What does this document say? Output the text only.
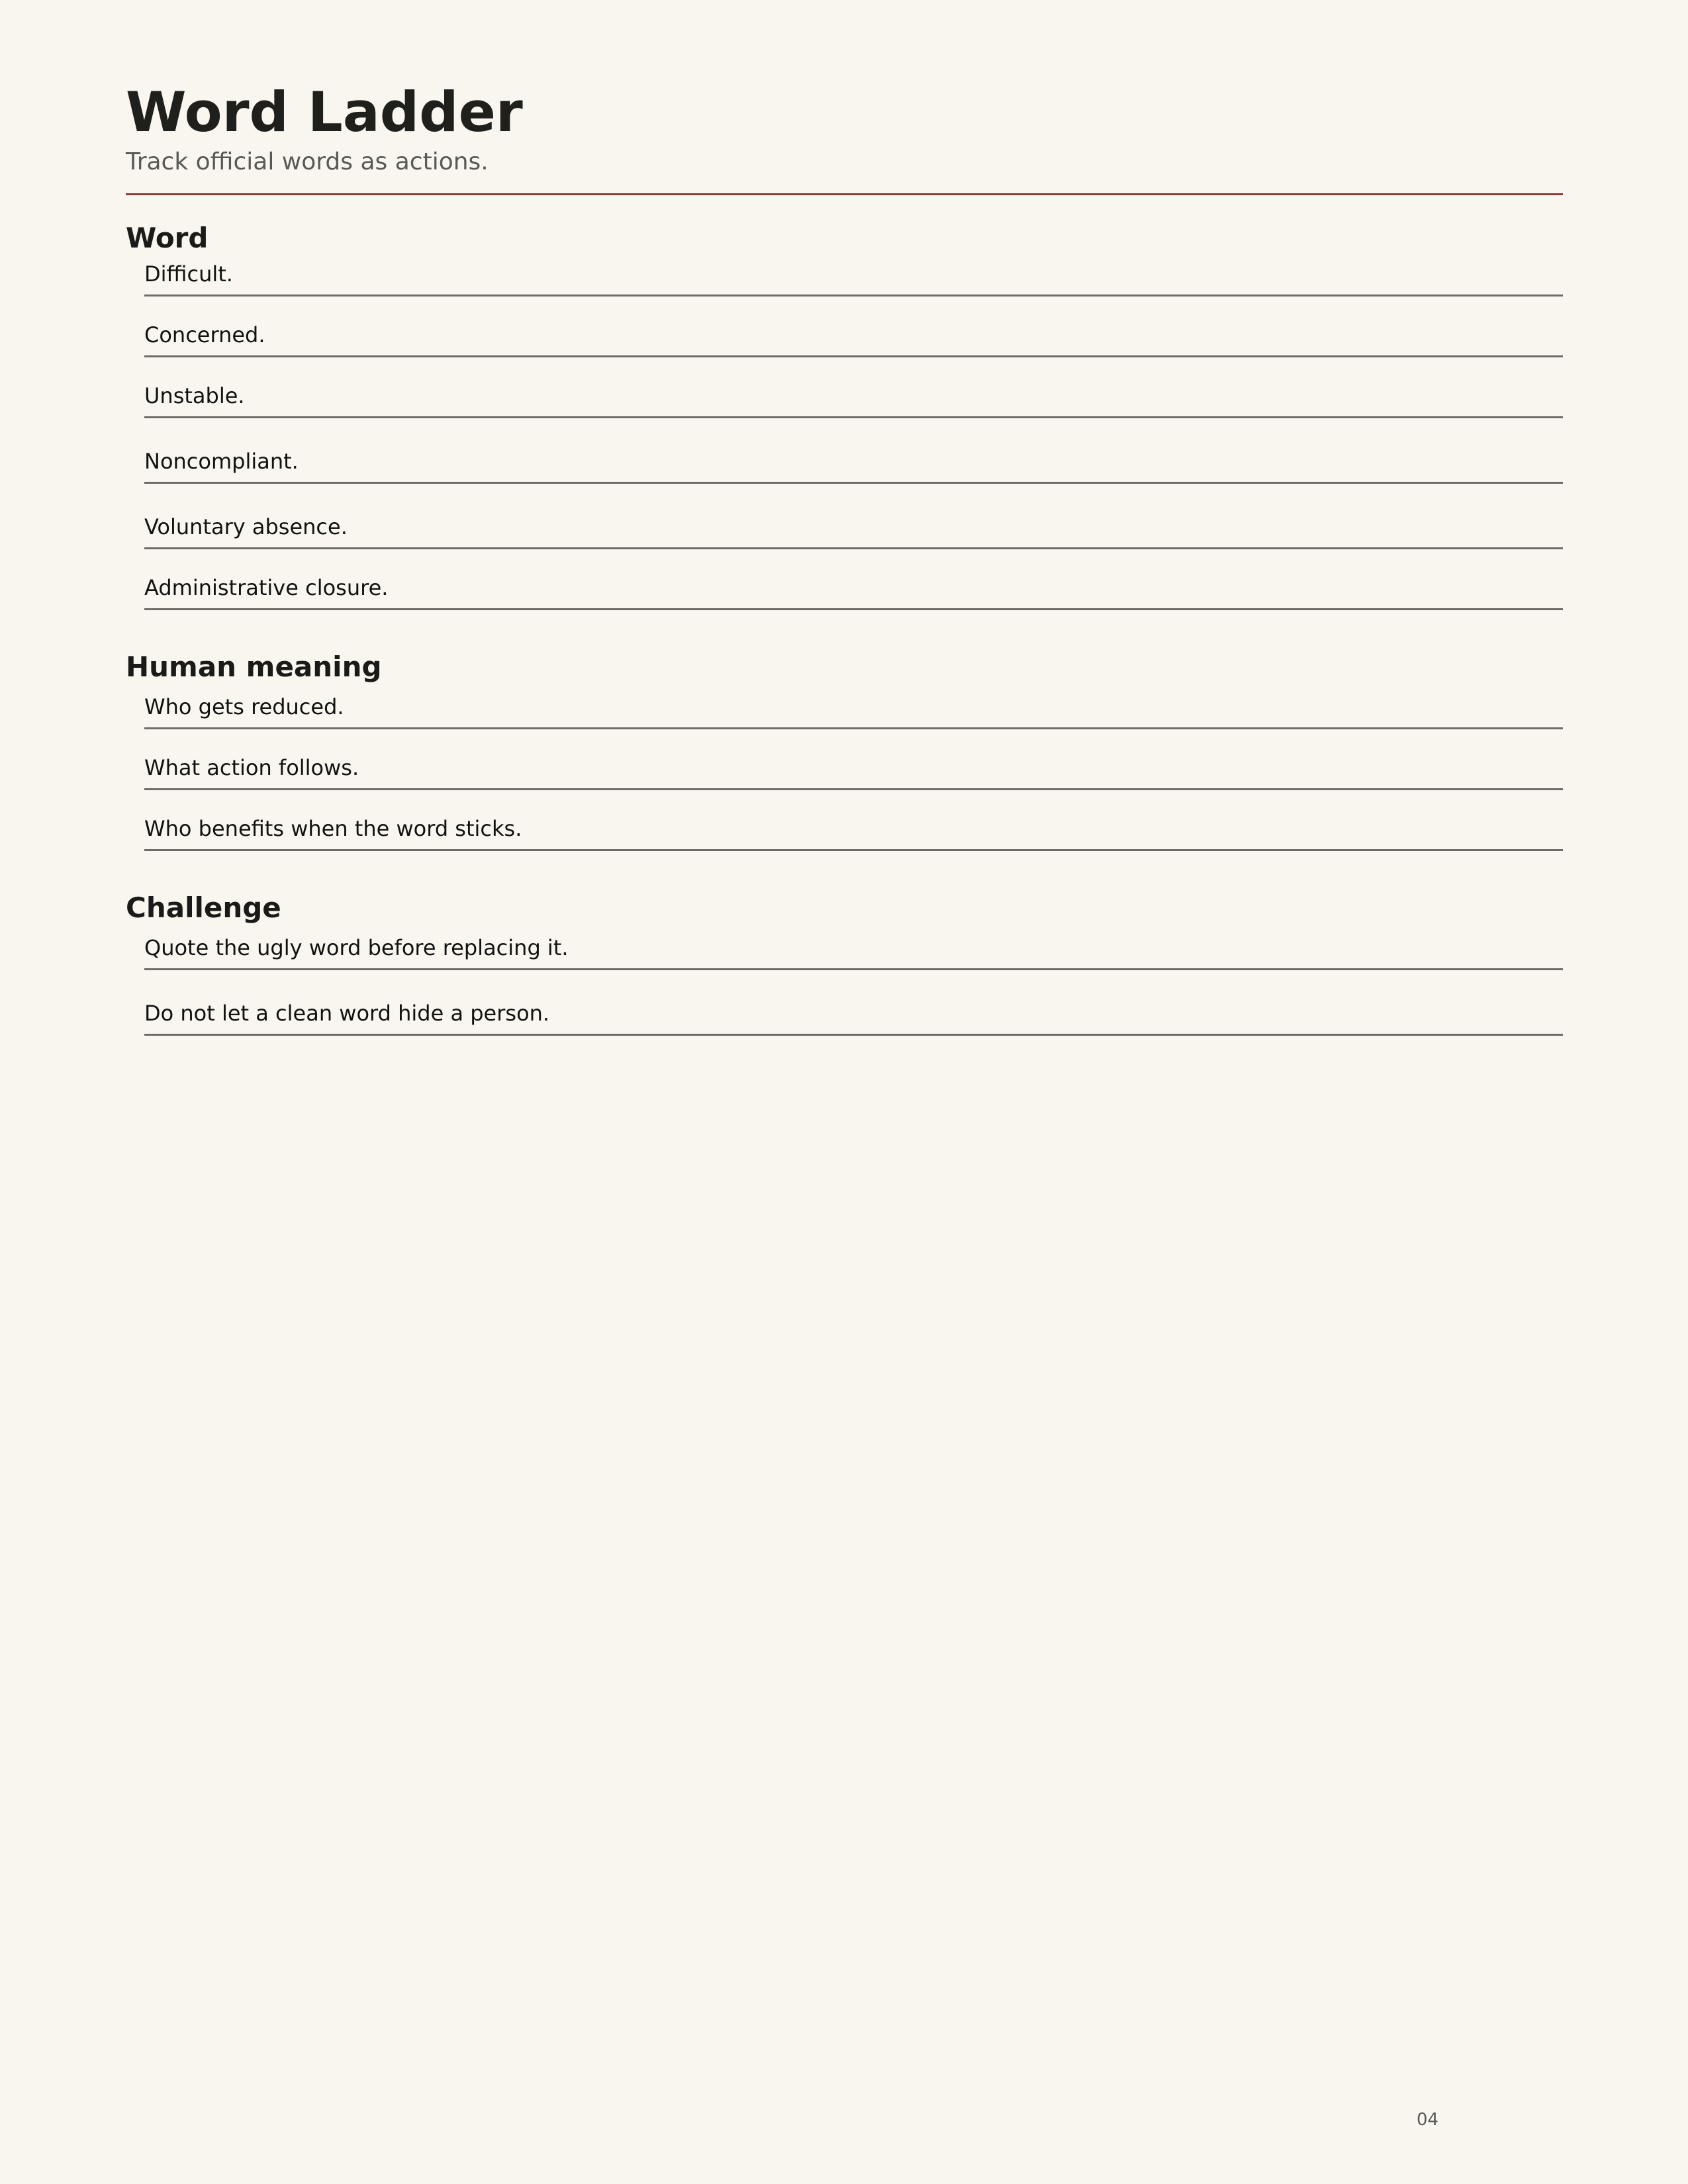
Word Ladder

Track official words as actions.

Word
Difficult.
Concerned.
Unstable.
Noncompliant.
Voluntary absence.
Administrative closure.
Human meaning
Who gets reduced.
What action follows.
Who benefits when the word sticks.
Challenge
Quote the ugly word before replacing it.
Do not let a clean word hide a person.
04
